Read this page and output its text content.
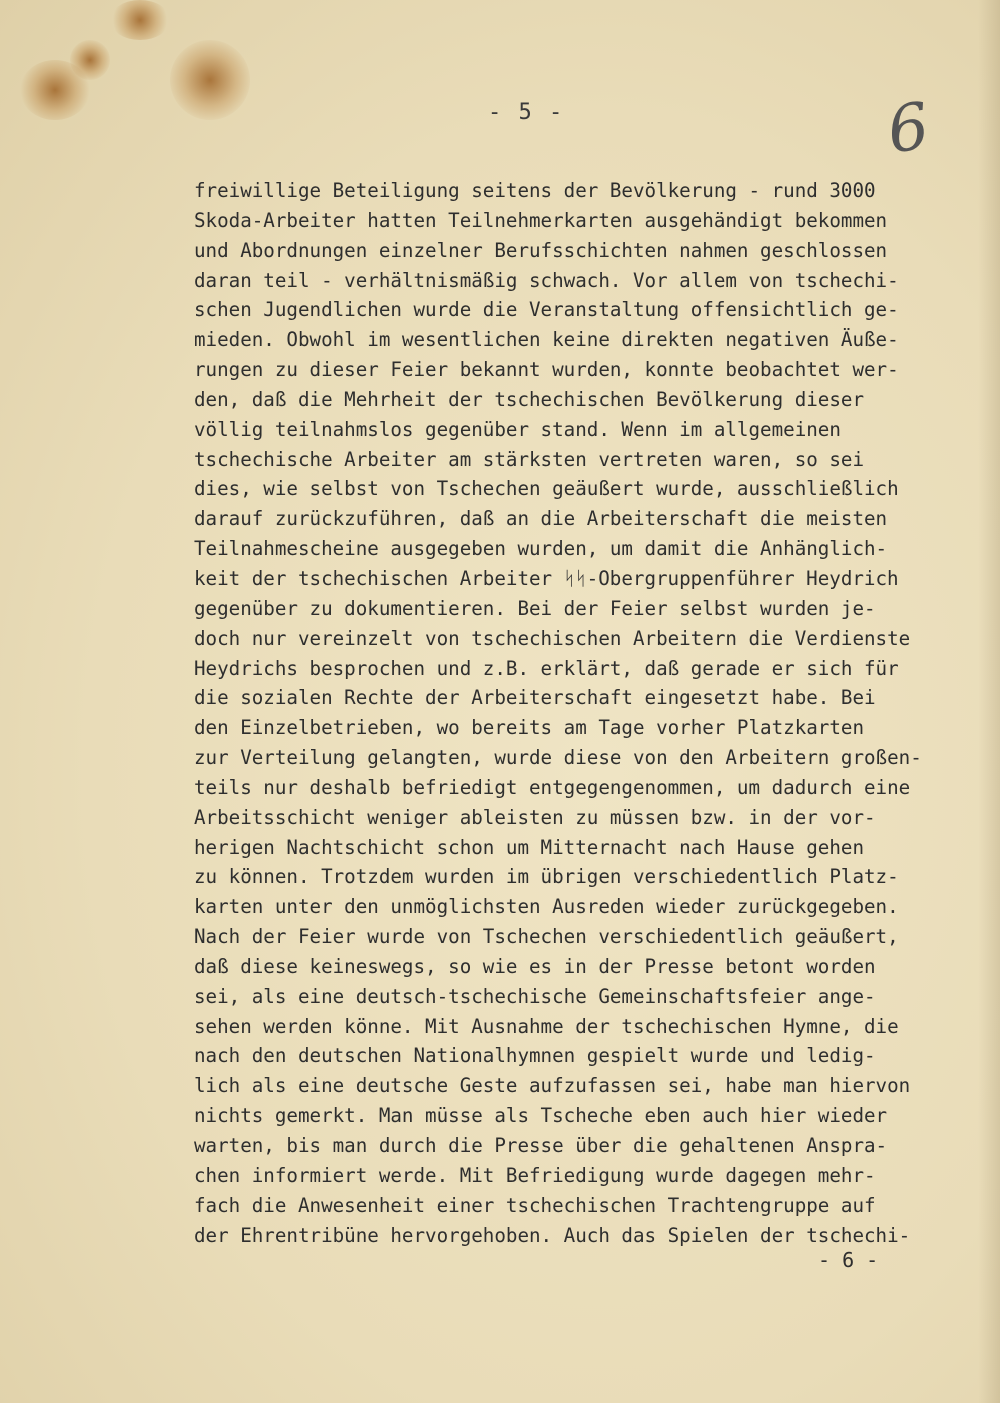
- 5 -	6
freiwillige Beteiligung seitens der Bevölkerung - rund 3000
Skoda-Arbeiter hatten Teilnehmerkarten ausgehändigt bekommen
und Abordnungen einzelner Berufsschichten nahmen geschlossen
daran teil - verhältnismäßig schwach. Vor allem von tschechi-
schen Jugendlichen wurde die Veranstaltung offensichtlich ge-
mieden. Obwohl im wesentlichen keine direkten negativen Äuße-
rungen zu dieser Feier bekannt wurden, konnte beobachtet wer-
den, daß die Mehrheit der tschechischen Bevölkerung dieser
völlig teilnahmslos gegenüber stand. Wenn im allgemeinen
tschechische Arbeiter am stärksten vertreten waren, so sei
dies, wie selbst von Tschechen geäußert wurde, ausschließlich
darauf zurückzuführen, daß an die Arbeiterschaft die meisten
Teilnahmescheine ausgegeben wurden, um damit die Anhänglich-
keit der tschechischen Arbeiter ᛋᛋ-Obergruppenführer Heydrich
gegenüber zu dokumentieren. Bei der Feier selbst wurden je-
doch nur vereinzelt von tschechischen Arbeitern die Verdienste
Heydrichs besprochen und z.B. erklärt, daß gerade er sich für
die sozialen Rechte der Arbeiterschaft eingesetzt habe. Bei
den Einzelbetrieben, wo bereits am Tage vorher Platzkarten
zur Verteilung gelangten, wurde diese von den Arbeitern großen-
teils nur deshalb befriedigt entgegengenommen, um dadurch eine
Arbeitsschicht weniger ableisten zu müssen bzw. in der vor-
herigen Nachtschicht schon um Mitternacht nach Hause gehen
zu können. Trotzdem wurden im übrigen verschiedentlich Platz-
karten unter den unmöglichsten Ausreden wieder zurückgegeben.
Nach der Feier wurde von Tschechen verschiedentlich geäußert,
daß diese keineswegs, so wie es in der Presse betont worden
sei, als eine deutsch-tschechische Gemeinschaftsfeier ange-
sehen werden könne. Mit Ausnahme der tschechischen Hymne, die
nach den deutschen Nationalhymnen gespielt wurde und ledig-
lich als eine deutsche Geste aufzufassen sei, habe man hiervon
nichts gemerkt. Man müsse als Tscheche eben auch hier wieder
warten, bis man durch die Presse über die gehaltenen Anspra-
chen informiert werde. Mit Befriedigung wurde dagegen mehr-
fach die Anwesenheit einer tschechischen Trachtengruppe auf
der Ehrentribüne hervorgehoben. Auch das Spielen der tschechi-
- 6 -
